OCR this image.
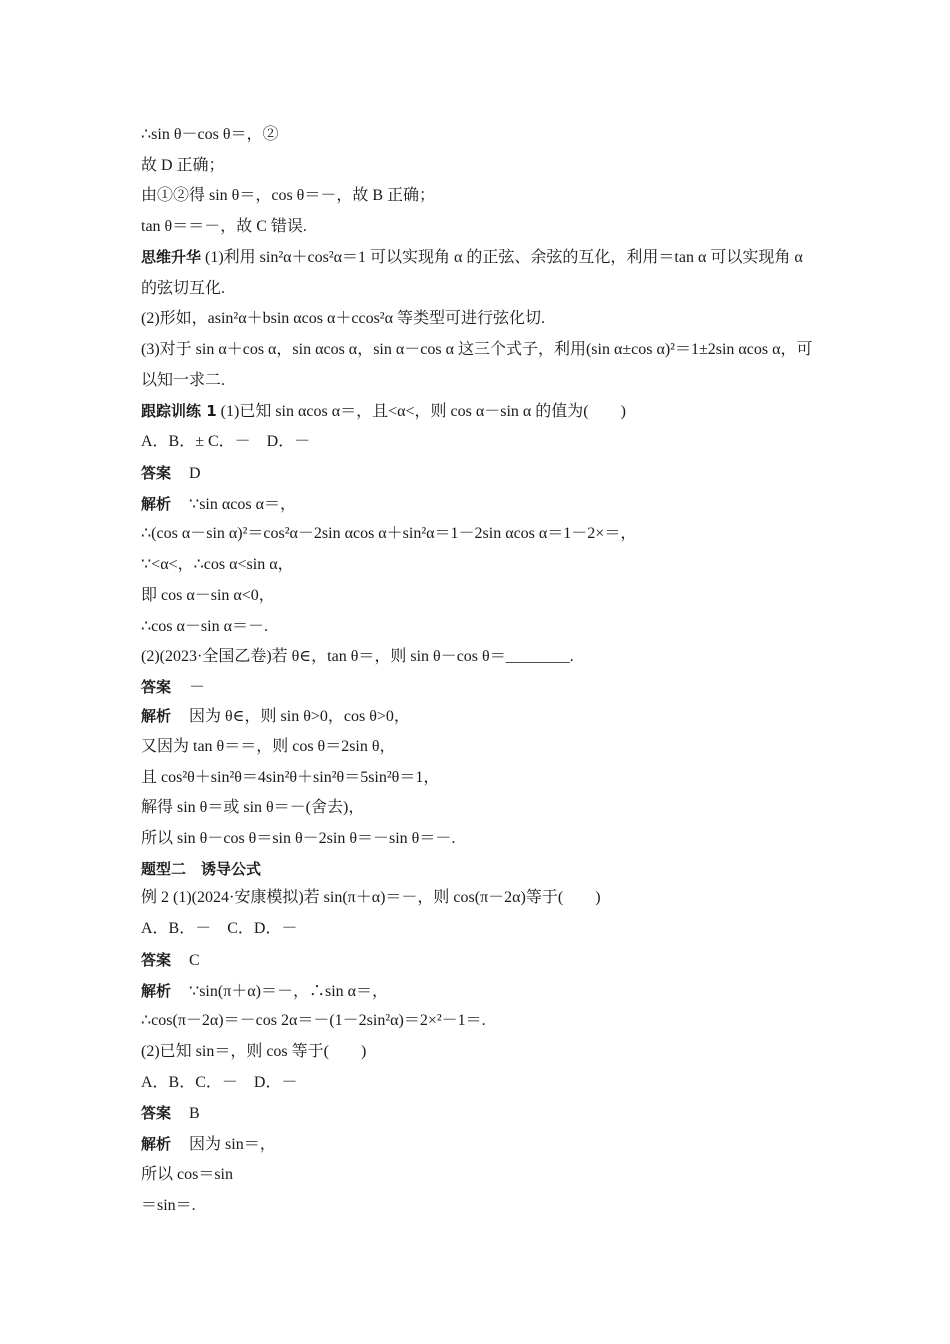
∴sin θ－cos θ＝，②
故 D 正确；
由①②得 sin θ＝，cos θ＝－，故 B 正确；
tan θ＝＝－，故 C 错误.
思维升华 (1)利用 sin²α＋cos²α＝1 可以实现角 α 的正弦、余弦的互化，利用＝tan α 可以实现角 α 的弦切互化.
(2)形如，asin²α＋bsin αcos α＋ccos²α 等类型可进行弦化切.
(3)对于 sin α＋cos α，sin αcos α，sin α－cos α 这三个式子，利用(sin α±cos α)²＝1±2sin αcos α，可以知一求二.
跟踪训练 1 (1)已知 sin αcos α＝，且<α<，则 cos α－sin α 的值为(　　)
A．B．± C．－　D．－
答案 D
解析 ∵sin αcos α＝，
∴(cos α－sin α)²＝cos²α－2sin αcos α＋sin²α＝1－2sin αcos α＝1－2×＝，
∵<α<，∴cos α<sin α，
即 cos α－sin α<0，
∴cos α－sin α＝－.
(2)(2023·全国乙卷)若 θ∈，tan θ＝，则 sin θ－cos θ＝________.
答案 －
解析 因为 θ∈，则 sin θ>0，cos θ>0，
又因为 tan θ＝＝，则 cos θ＝2sin θ，
且 cos²θ＋sin²θ＝4sin²θ＋sin²θ＝5sin²θ＝1，
解得 sin θ＝或 sin θ＝－(舍去)，
所以 sin θ－cos θ＝sin θ－2sin θ＝－sin θ＝－.
题型二　诱导公式
例 2 (1)(2024·安康模拟)若 sin(π＋α)＝－，则 cos(π－2α)等于(　　)
A．B．－　C．D．－
答案 C
解析 ∵sin(π＋α)＝－，∴sin α＝，
∴cos(π－2α)＝－cos 2α＝－(1－2sin²α)＝2×²－1＝.
(2)已知 sin＝，则 cos 等于(　　)
A．B．C．－　D．－
答案 B
解析 因为 sin＝，
所以 cos＝sin
＝sin＝.
